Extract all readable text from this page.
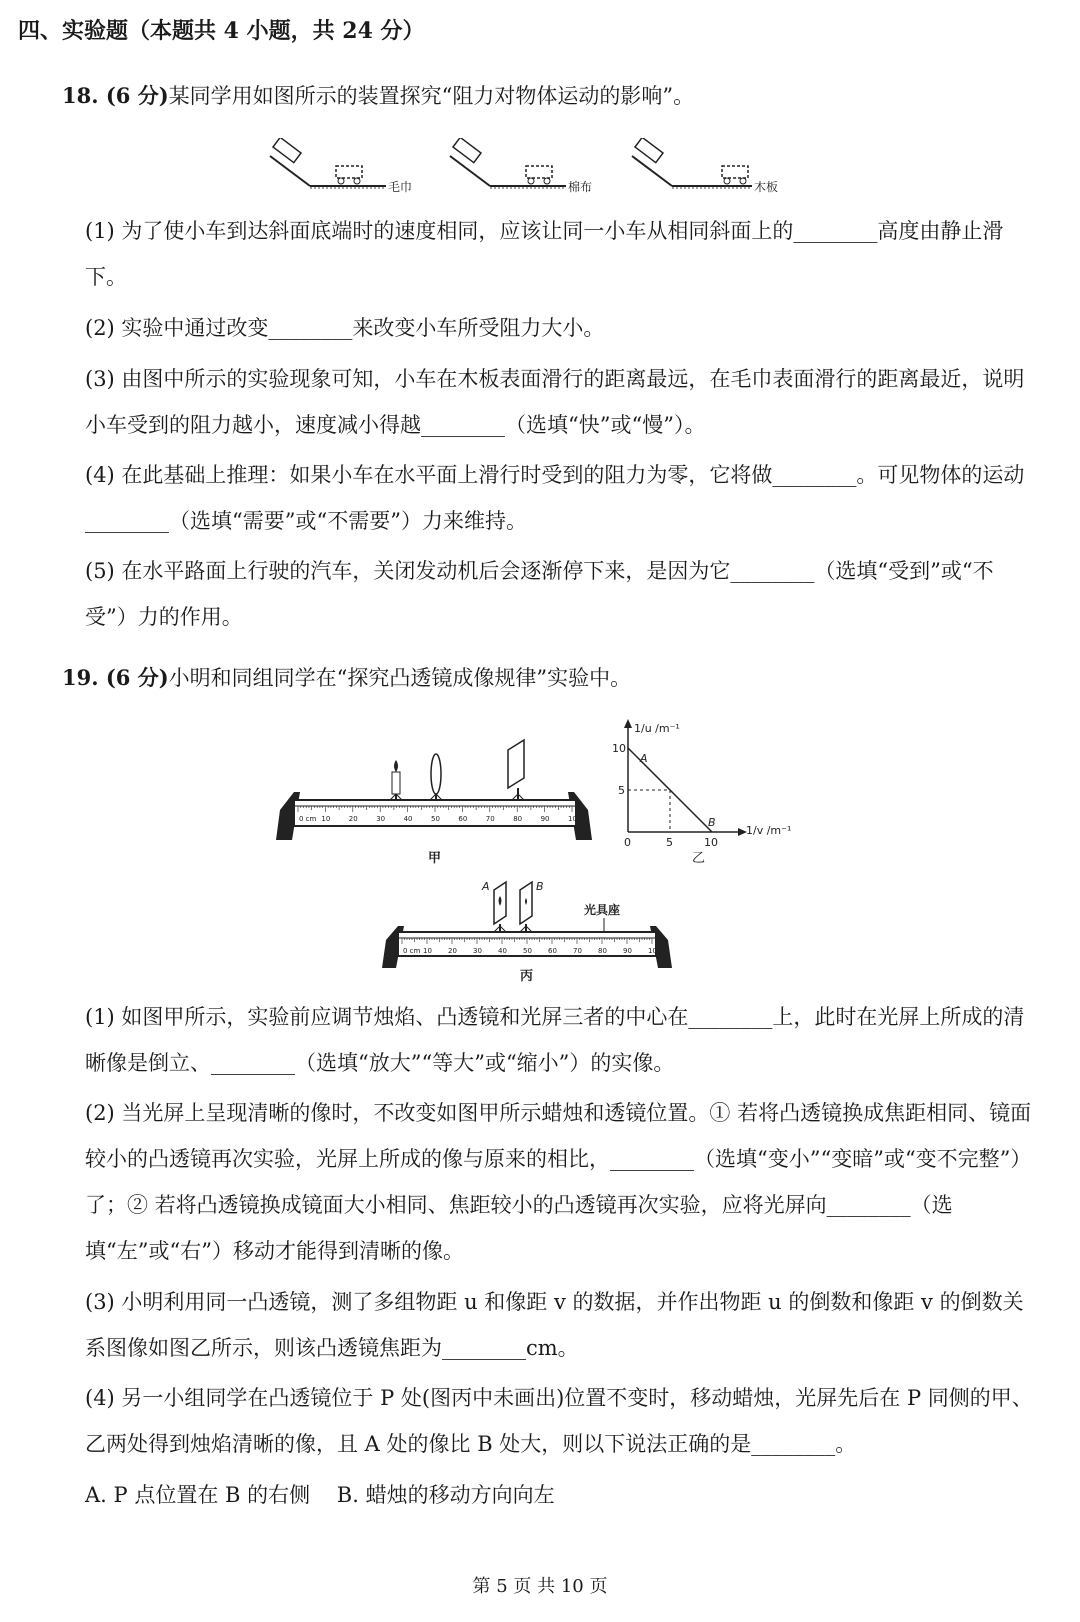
四、实验题（本题共 4 小题，共 24 分）
18. (6 分)某同学用如图所示的装置探究“阻力对物体运动的影响”。
毛巾	棉布	木板
(1) 为了使小车到达斜面底端时的速度相同，应该让同一小车从相同斜面上的________高度由静止滑下。
(2) 实验中通过改变________来改变小车所受阻力大小。
(3) 由图中所示的实验现象可知，小车在木板表面滑行的距离最远，在毛巾表面滑行的距离最近，说明小车受到的阻力越小，速度减小得越________（选填“快”或“慢”）。
(4) 在此基础上推理：如果小车在水平面上滑行时受到的阻力为零，它将做________。可见物体的运动________（选填“需要”或“不需要”）力来维持。
(5) 在水平路面上行驶的汽车，关闭发动机后会逐渐停下来，是因为它________（选填“受到”或“不受”）力的作用。
19. (6 分)小明和同组同学在“探究凸透镜成像规律”实验中。
0 cm 10	20	30	40	50	60	70	80	90	100
甲
1/u /m⁻¹
10
5
0	5	10
1/v /m⁻¹
A
B
乙
0 cm 10 20 30 40 50 60 70 80 90 100
A	B
光具座
丙
(1) 如图甲所示，实验前应调节烛焰、凸透镜和光屏三者的中心在________上，此时在光屏上所成的清晰像是倒立、________（选填“放大”“等大”或“缩小”）的实像。
(2) 当光屏上呈现清晰的像时，不改变如图甲所示蜡烛和透镜位置。① 若将凸透镜换成焦距相同、镜面较小的凸透镜再次实验，光屏上所成的像与原来的相比，________（选填“变小”“变暗”或“变不完整”）了；② 若将凸透镜换成镜面大小相同、焦距较小的凸透镜再次实验，应将光屏向________（选填“左”或“右”）移动才能得到清晰的像。
(3) 小明利用同一凸透镜，测了多组物距 u 和像距 v 的数据，并作出物距 u 的倒数和像距 v 的倒数关系图像如图乙所示，则该凸透镜焦距为________cm。
(4) 另一小组同学在凸透镜位于 P 处(图丙中未画出)位置不变时，移动蜡烛，光屏先后在 P 同侧的甲、乙两处得到烛焰清晰的像，且 A 处的像比 B 处大，则以下说法正确的是________。
A. P 点位置在 B 的右侧    B. 蜡烛的移动方向向左
第 5 页 共 10 页
